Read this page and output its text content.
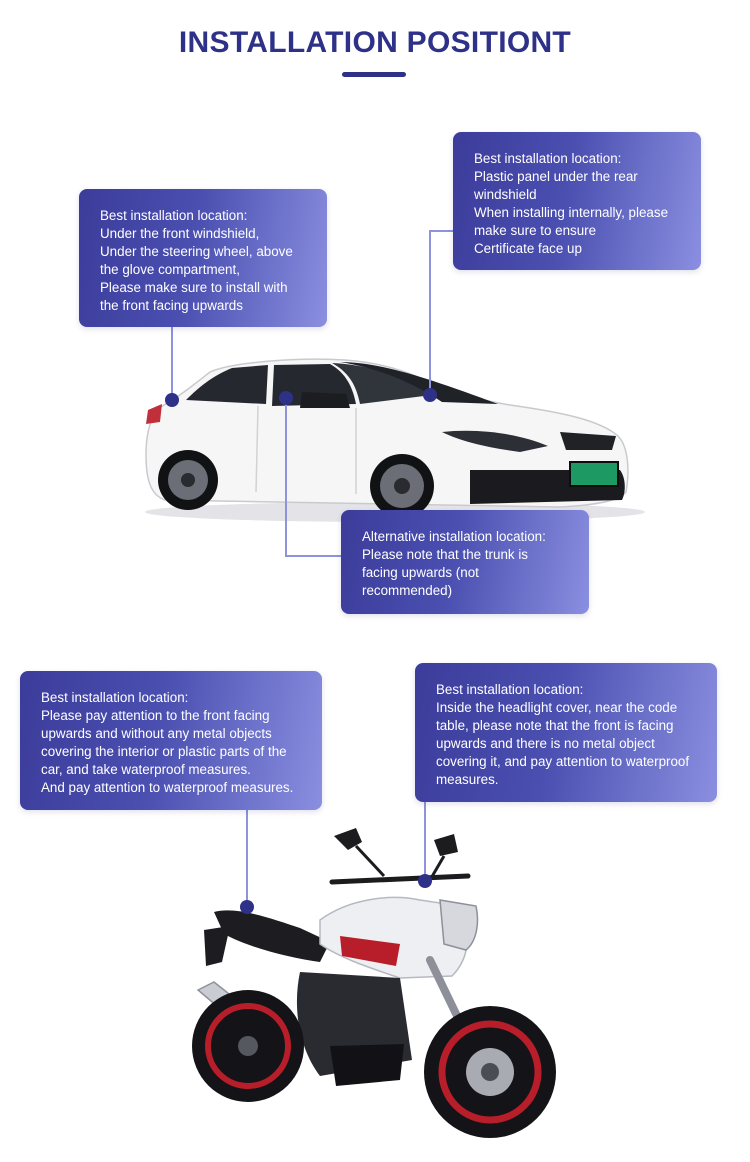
INSTALLATION POSITIONT
Best installation location:
Under the front windshield,
Under the steering wheel, above
the glove compartment,
Please make sure to install with
the front facing upwards
Best installation location:
Plastic panel under the rear
windshield
When installing internally, please
make sure to ensure
Certificate face up
Alternative installation location:
Please note that the trunk is
facing upwards (not
recommended)
Best installation location:
Please pay attention to the front facing
upwards and without any metal objects
covering the interior or plastic parts of the
car, and take waterproof measures.
And pay attention to waterproof measures.
Best installation location:
Inside the headlight cover, near the code
table, please note that the front is facing
upwards and there is no metal object
covering it, and pay attention to waterproof
measures.
